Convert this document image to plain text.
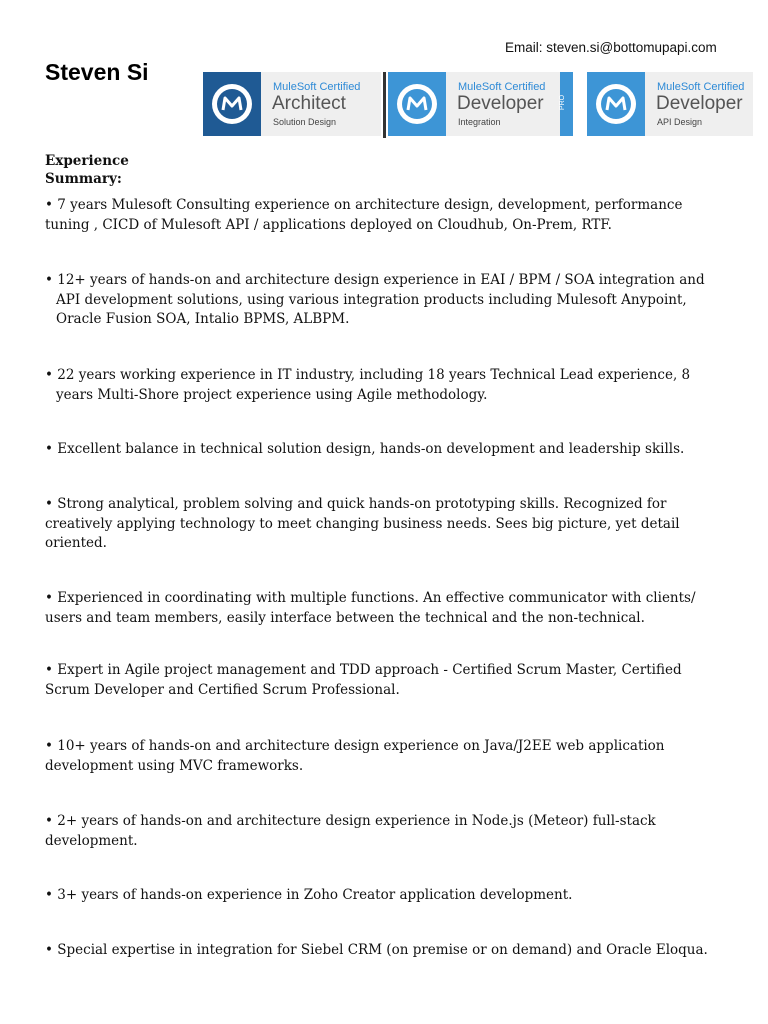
Email: steven.si@bottomupapi.com
Steven Si
MuleSoft Certified
Architect
Solution Design
MuleSoft Certified
Developer
Integration
PRO
MuleSoft Certified
Developer
API Design
Experience Summary:
• 7 years Mulesoft Consulting experience on architecture design, development, performance tuning , CICD of Mulesoft API / applications deployed on Cloudhub, On-Prem, RTF.
• 12+ years of hands-on and architecture design experience in EAI / BPM / SOA integration and API development solutions, using various integration products including Mulesoft Anypoint, Oracle Fusion SOA, Intalio BPMS, ALBPM.
• 22 years working experience in IT industry, including 18 years Technical Lead experience, 8 years Multi-Shore project experience using Agile methodology.
• Excellent balance in technical solution design, hands-on development and leadership skills.
• Strong analytical, problem solving and quick hands-on prototyping skills. Recognized for creatively applying technology to meet changing business needs. Sees big picture, yet detail oriented.
• Experienced in coordinating with multiple functions. An effective communicator with clients/ users and team members, easily interface between the technical and the non-technical.
• Expert in Agile project management and TDD approach - Certified Scrum Master, Certified Scrum Developer and Certified Scrum Professional.
• 10+ years of hands-on and architecture design experience on Java/J2EE web application development using MVC frameworks.
• 2+ years of hands-on and architecture design experience in Node.js (Meteor) full-stack development.
• 3+ years of hands-on experience in Zoho Creator application development.
• Special expertise in integration for Siebel CRM (on premise or on demand) and Oracle Eloqua.
